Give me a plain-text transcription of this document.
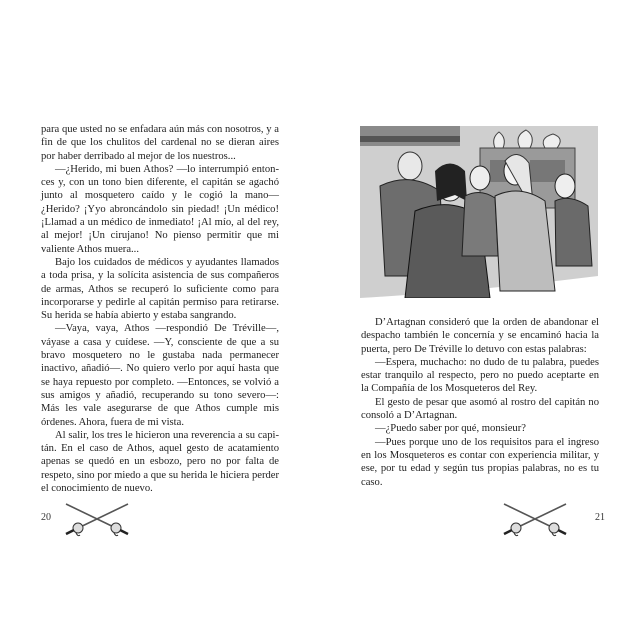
para que usted no se enfadara aún más con nosotros, y a fin de que los chulitos del cardenal no se dieran aires por haber derribado al mejor de los nuestros...

—¿Herido, mi buen Athos? —lo interrumpió entonces y, con un tono bien diferente, el capitán se agachó junto al mosquetero caído y le cogió la mano— ¿Herido? ¡Yyo abroncándolo sin piedad! ¡Un médico! ¡Llamad a un médico de inmediato! ¡Al mío, al del rey, al mejor! ¡Un cirujano! No pienso permitir que mi valiente Athos muera...

Bajo los cuidados de médicos y ayudantes llamados a toda prisa, y la solícita asistencia de sus compañeros de armas, Athos se recuperó lo suficiente como para incorporarse y pedirle al capitán permiso para retirarse. Su herida se había abierto y estaba sangrando.

—Vaya, vaya, Athos —respondió De Tréville—, váyase a casa y cuídese. —Y, consciente de que a su bravo mosquetero no le gustaba nada permanecer inactivo, añadió—. No quiero verlo por aquí hasta que se haya repuesto por completo. —Entonces, se volvió a sus amigos y añadió, recuperando su tono severo—: Más les vale asegurarse de que Athos cumple mis órdenes. Ahora, fuera de mi vista.

Al salir, los tres le hicieron una reverencia a su capitán. En el caso de Athos, aquel gesto de acatamiento apenas se quedó en un esbozo, pero no por falta de respeto, sino por miedo a que su herida le hiciera perder el conocimiento de nuevo.

20

D’Artagnan consideró que la orden de abandonar el despacho también le concernía y se encaminó hacia la puerta, pero De Tréville lo detuvo con estas palabras:

—Espera, muchacho: no dudo de tu palabra, puedes estar tranquilo al respecto, pero no puedo aceptarte en la Compañía de los Mosqueteros del Rey.

El gesto de pesar que asomó al rostro del capitán no consoló a D’Artagnan.

—¿Puedo saber por qué, monsieur?

—Pues porque uno de los requisitos para el ingreso en los Mosqueteros es contar con experiencia militar, y ese, por tu edad y según tus propias palabras, no es tu caso.

21
